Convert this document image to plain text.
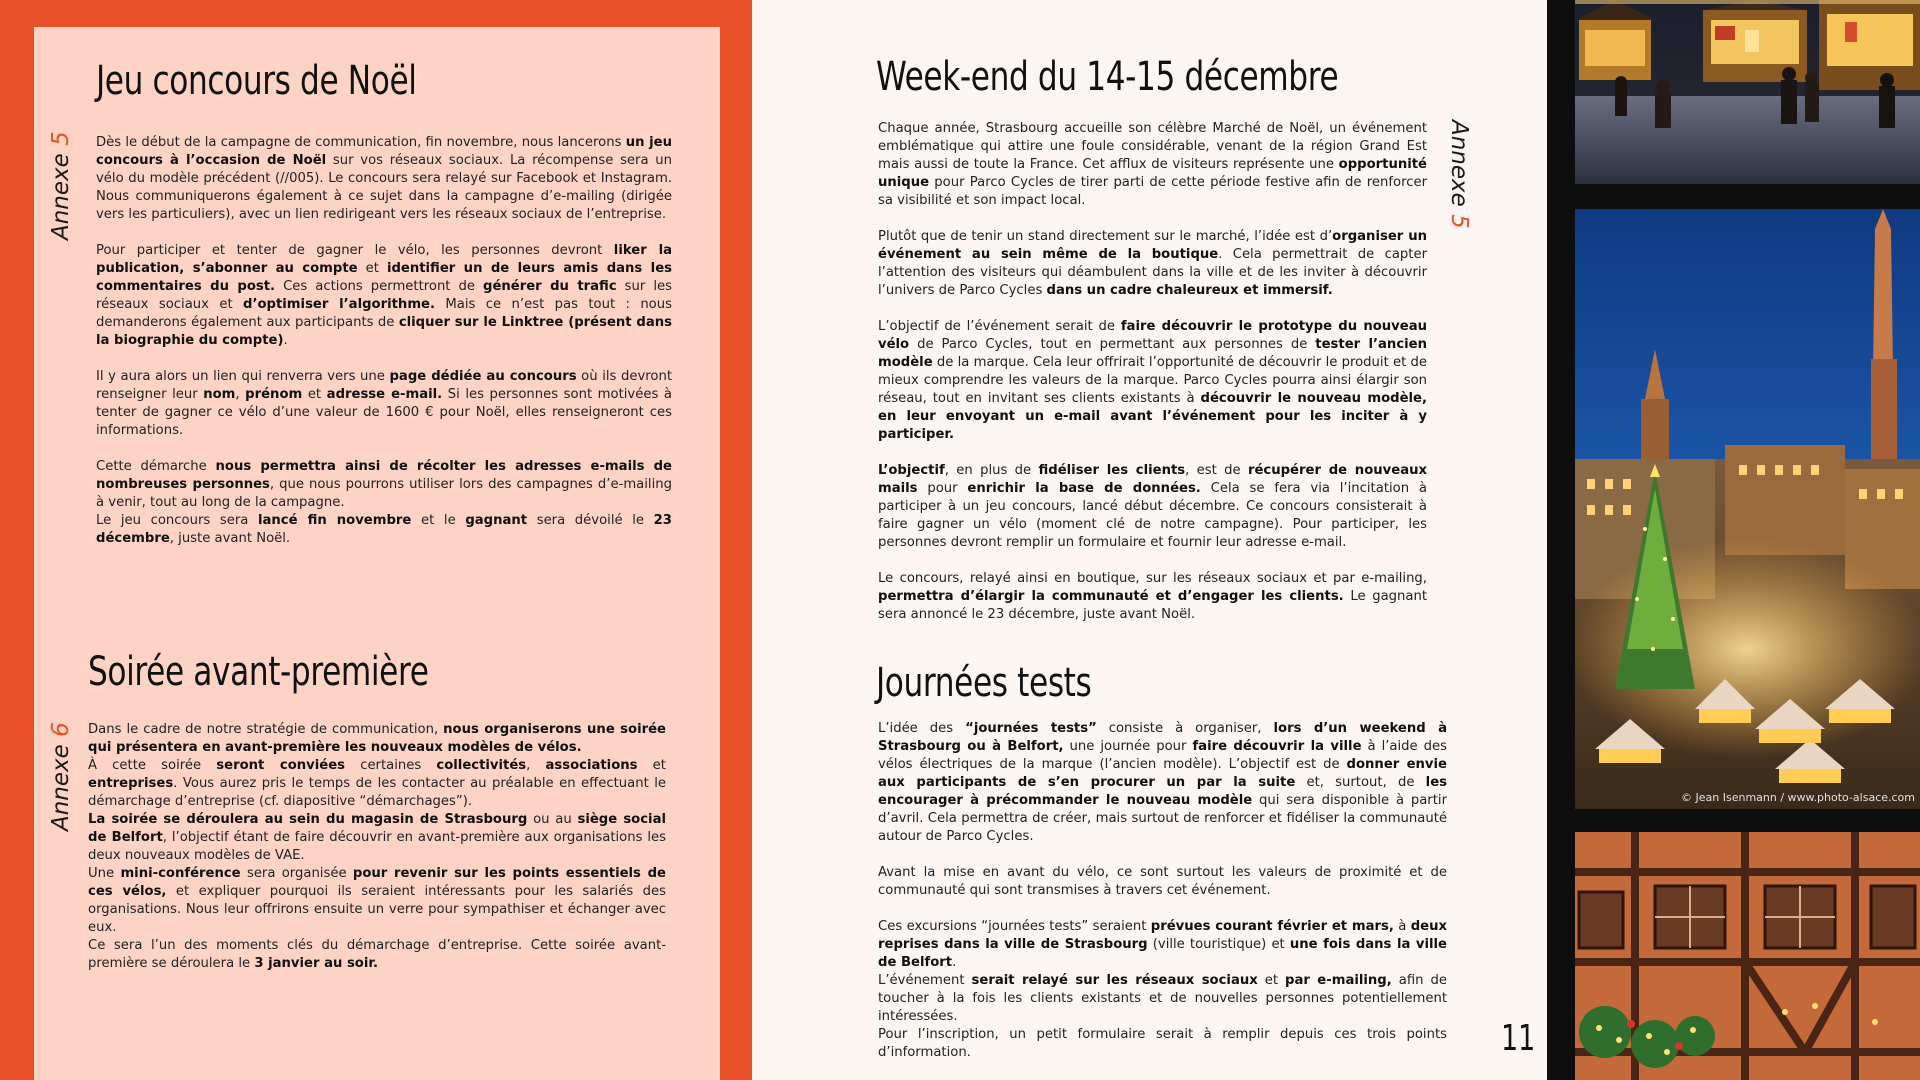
Annexe 5
Annexe 6
Jeu concours de Noël

Dès le début de la campagne de communication, fin novembre, nous lancerons un jeu concours à l’occasion de Noël sur vos réseaux sociaux. La récompense sera un vélo du modèle précédent (//005). Le concours sera relayé sur Facebook et Instagram. Nous communiquerons également à ce sujet dans la campagne d’e-mailing (dirigée vers les particuliers), avec un lien redirigeant vers les réseaux sociaux de l’entreprise.

Pour participer et tenter de gagner le vélo, les personnes devront liker la publication, s’abonner au compte et identifier un de leurs amis dans les commentaires du post. Ces actions permettront de générer du trafic sur les réseaux sociaux et d’optimiser l’algorithme. Mais ce n’est pas tout : nous demanderons également aux participants de cliquer sur le Linktree (présent dans la biographie du compte).

Il y aura alors un lien qui renverra vers une page dédiée au concours où ils devront renseigner leur nom, prénom et adresse e-mail. Si les personnes sont motivées à tenter de gagner ce vélo d’une valeur de 1600 € pour Noël, elles renseigneront ces informations.

Cette démarche nous permettra ainsi de récolter les adresses e-mails de nombreuses personnes, que nous pourrons utiliser lors des campagnes d’e-mailing à venir, tout au long de la campagne.

Le jeu concours sera lancé fin novembre et le gagnant sera dévoilé le 23 décembre, juste avant Noël.

Soirée avant-première

Dans le cadre de notre stratégie de communication, nous organiserons une soirée qui présentera en avant-première les nouveaux modèles de vélos.

À cette soirée seront conviées certaines collectivités, associations et entreprises. Vous aurez pris le temps de les contacter au préalable en effectuant le démarchage d’entreprise (cf. diapositive “démarchages”).

La soirée se déroulera au sein du magasin de Strasbourg ou au siège social de Belfort, l’objectif étant de faire découvrir en avant-première aux organisations les deux nouveaux modèles de VAE.

Une mini-conférence sera organisée pour revenir sur les points essentiels de ces vélos, et expliquer pourquoi ils seraient intéressants pour les salariés des organisations. Nous leur offrirons ensuite un verre pour sympathiser et échanger avec eux.

Ce sera l’un des moments clés du démarchage d’entreprise. Cette soirée avant-première se déroulera le 3 janvier au soir.

Week-end du 14-15 décembre

Chaque année, Strasbourg accueille son célèbre Marché de Noël, un événement emblématique qui attire une foule considérable, venant de la région Grand Est mais aussi de toute la France. Cet afflux de visiteurs représente une opportunité unique pour Parco Cycles de tirer parti de cette période festive afin de renforcer sa visibilité et son impact local.

Plutôt que de tenir un stand directement sur le marché, l’idée est d’organiser un événement au sein même de la boutique. Cela permettrait de capter l’attention des visiteurs qui déambulent dans la ville et de les inviter à découvrir l’univers de Parco Cycles dans un cadre chaleureux et immersif.

L’objectif de l’événement serait de faire découvrir le prototype du nouveau vélo de Parco Cycles, tout en permettant aux personnes de tester l’ancien modèle de la marque. Cela leur offrirait l’opportunité de découvrir le produit et de mieux comprendre les valeurs de la marque. Parco Cycles pourra ainsi élargir son réseau, tout en invitant ses clients existants à découvrir le nouveau modèle, en leur envoyant un e-mail avant l’événement pour les inciter à y participer.

L’objectif, en plus de fidéliser les clients, est de récupérer de nouveaux mails pour enrichir la base de données. Cela se fera via l’incitation à participer à un jeu concours, lancé début décembre. Ce concours consisterait à faire gagner un vélo (moment clé de notre campagne). Pour participer, les personnes devront remplir un formulaire et fournir leur adresse e-mail.

Le concours, relayé ainsi en boutique, sur les réseaux sociaux et par e-mailing, permettra d’élargir la communauté et d’engager les clients. Le gagnant sera annoncé le 23 décembre, juste avant Noël.

Annexe 5
Journées tests

L’idée des “journées tests” consiste à organiser, lors d’un weekend à Strasbourg ou à Belfort, une journée pour faire découvrir la ville à l’aide des vélos électriques de la marque (l’ancien modèle). L’objectif est de donner envie aux participants de s’en procurer un par la suite et, surtout, de les encourager à précommander le nouveau modèle qui sera disponible à partir d’avril. Cela permettra de créer, mais surtout de renforcer et fidéliser la communauté autour de Parco Cycles.

Avant la mise en avant du vélo, ce sont surtout les valeurs de proximité et de communauté qui sont transmises à travers cet événement.

Ces excursions “journées tests” seraient prévues courant février et mars, à deux reprises dans la ville de Strasbourg (ville touristique) et une fois dans la ville de Belfort.

L’événement serait relayé sur les réseaux sociaux et par e-mailing, afin de toucher à la fois les clients existants et de nouvelles personnes potentiellement intéressées.

Pour l’inscription, un petit formulaire serait à remplir depuis ces trois points d’information.	11
© Jean Isenmann / www.photo-alsace.com
